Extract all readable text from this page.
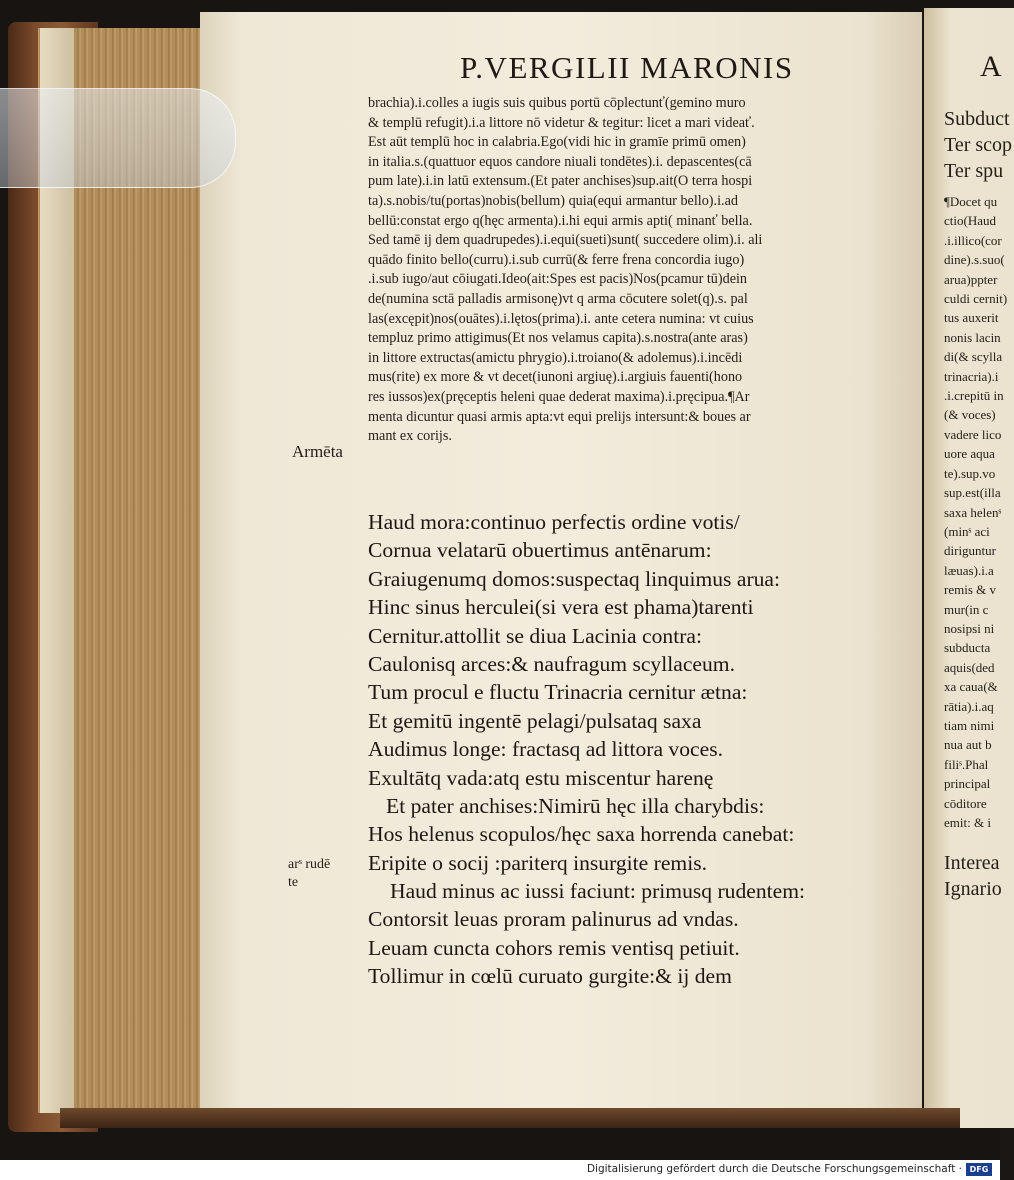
A
Subduct
Ter scop
Ter spu
¶Docet qu
ctio(Haud
.i.illico(cor
dine).s.suo(
arua)ppter
culdi cernit)
tus auxerit
nonis lacin
di(& scylla
trinacria).i
.i.crepitū in
(& voces)
vadere lico
uore aqua
te).sup.vo
sup.est(illa
saxa helenˢ
(minˢ aci
diriguntur
læuas).i.a
remis & v
mur(in c
nosipsi ni
subducta
aquis(ded
xa caua(&
rātia).i.aq
tiam nimi
nua aut b
filiˢ.Phal
principal
cōditore
emit: & i
Interea
Ignario
P.VERGILII MARONIS
brachia).i.colles a iugis suis quibus portū cōplectunť(gemino muro
& templū refugit).i.a littore nō videtur & tegitur: licet a mari videať.
Est aūt templū hoc in calabria.Ego(vidi hic in gramīe primū omen)
in italia.s.(quattuor equos candore niuali tondētes).i. depascentes(cā
pum late).i.in latū extensum.(Et pater anchises)sup.ait(O terra hospi
ta).s.nobis/tu(portas)nobis(bellum) quia(equi armantur bello).i.ad
bellū:constat ergo q(hęc armenta).i.hi equi armis apti( minanť bella.
Sed tamē ij dem quadrupedes).i.equi(sueti)sunt( succedere olim).i. ali
quādo finito bello(curru).i.sub currū(& ferre frena concordia iugo)
.i.sub iugo/aut cōiugati.Ideo(ait:Spes est pacis)Nos(pcamur tū)dein
de(numina sctā palladis armisonę)vt q arma cōcutere solet(q).s. pal
las(excępit)nos(ouātes).i.lętos(prima).i. ante cetera numina: vt cuius
templuz primo attigimus(Et nos velamus capita).s.nostra(ante aras)
in littore extructas(amictu phrygio).i.troiano(& adolemus).i.incēdi
mus(rite) ex more & vt decet(iunoni argiuę).i.argiuis fauenti(hono
res iussos)ex(pręceptis heleni quae dederat maxima).i.pręcipua.¶Ar
menta dicuntur quasi armis apta:vt equi prelijs intersunt:& boues ar
mant ex corijs.
Armēta
arˢ rudē
te
Haud mora:continuo perfectis ordine votis/
Cornua velatarū obuertimus antēnarum:
Graiugenumq domos:suspectaq linquimus arua:
Hinc sinus herculei(si vera est phama)tarenti
Cernitur.attollit se diua Lacinia contra:
Caulonisq arces:& naufragum scyllaceum.
Tum procul e fluctu Trinacria cernitur ætna:
Et gemitū ingentē pelagi/pulsataq saxa
Audimus longe: fractasq ad littora voces.
Exultātq vada:atq estu miscentur harenę
Et pater anchises:Nimirū hęc illa charybdis:
Hos helenus scopulos/hęc saxa horrenda canebat:
Eripite o socij :pariterq insurgite remis.
Haud minus ac iussi faciunt: primusq rudentem:
Contorsit leuas proram palinurus ad vndas.
Leuam cuncta cohors remis ventisq petiuit.
Tollimur in cœlū curuato gurgite:& ij dem
Digitalisierung gefördert durch die Deutsche Forschungsgemeinschaft · DFG
